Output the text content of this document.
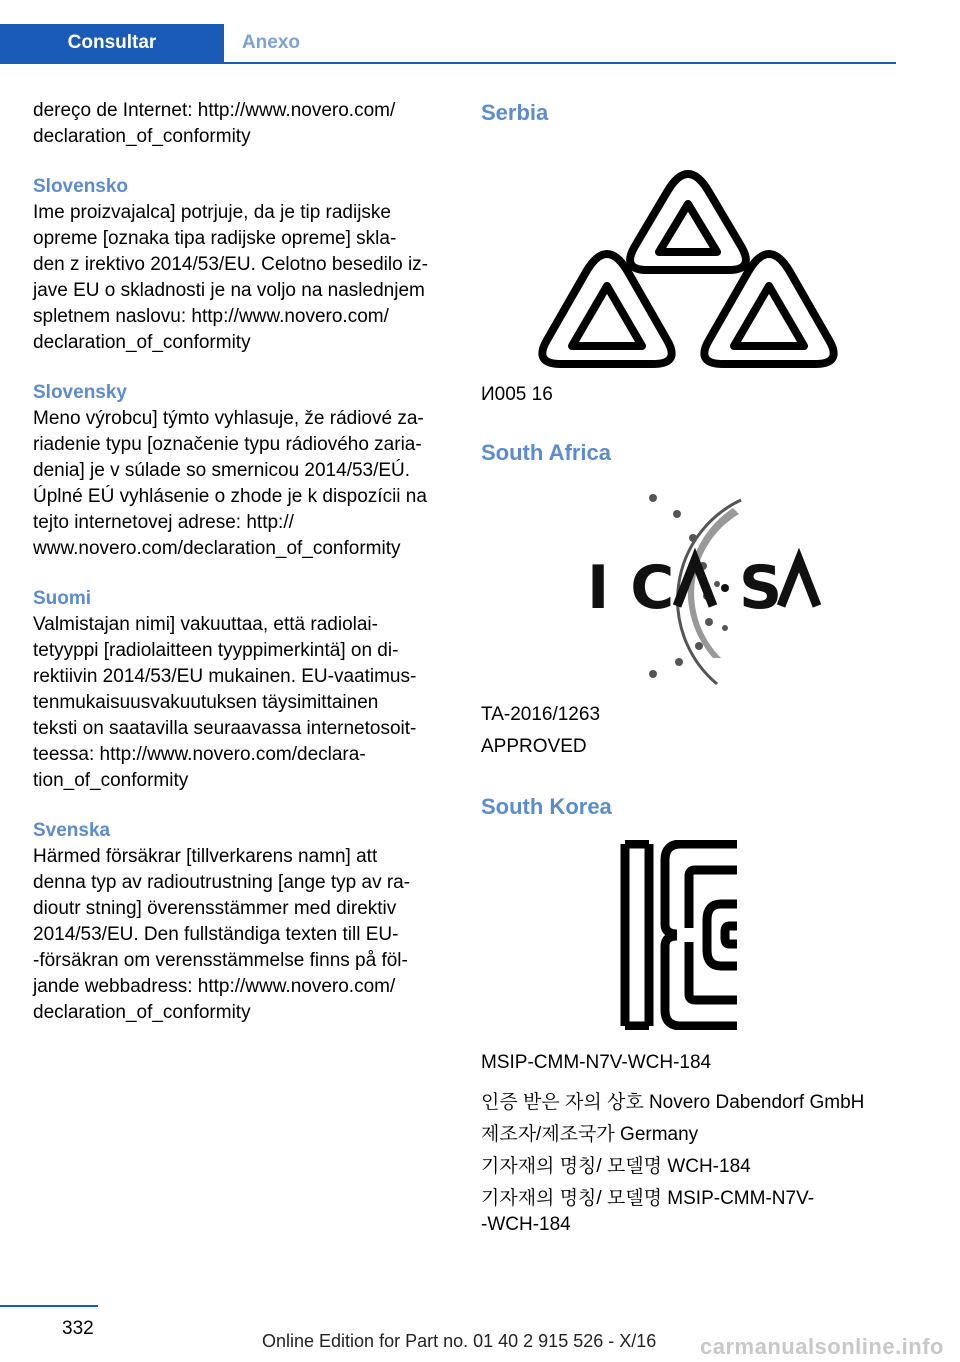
Consultar	Anexo

dereço de Internet: http://www.novero.com/
declaration_of_conformity

Slovensko

Ime proizvajalca] potrjuje, da je tip radijske
opreme [oznaka tipa radijske opreme] skla-
den z irektivo 2014/53/EU. Celotno besedilo iz-
jave EU o skladnosti je na voljo na naslednjem
spletnem naslovu: http://www.novero.com/
declaration_of_conformity

Slovensky

Meno výrobcu] týmto vyhlasuje, že rádiové za-
riadenie typu [označenie typu rádiového zaria-
denia] je v súlade so smernicou 2014/53/EÚ.
Úplné EÚ vyhlásenie o zhode je k dispozícii na
tejto internetovej adrese: http://
www.novero.com/declaration_of_conformity

Suomi

Valmistajan nimi] vakuuttaa, että radiolai-
tetyyppi [radiolaitteen tyyppimerkintä] on di-
rektiivin 2014/53/EU mukainen. EU-vaatimus-
tenmukaisuusvakuutuksen täysimittainen
teksti on saatavilla seuraavassa internetosoit-
teessa: http://www.novero.com/declara-
tion_of_conformity

Svenska

Härmed försäkrar [tillverkarens namn] att
denna typ av radioutrustning [ange typ av ra-
dioutr stning] överensstämmer med direktiv
2014/53/EU. Den fullständiga texten till EU-
-försäkran om verensstämmelse finns på föl-
jande webbadress: http://www.novero.com/
declaration_of_conformity

Serbia

И005 16

South Africa
I C S

TA-2016/1263

APPROVED

South Korea

MSIP-CMM-N7V-WCH-184

인증 받은 자의 상호 Novero Dabendorf GmbH

제조자/제조국가 Germany

기자재의 명칭/ 모델명 WCH-184

기자재의 명칭/ 모델명 MSIP-CMM-N7V-
-WCH-184

332
Online Edition for Part no. 01 40 2 915 526 - X/16 carmanualsonline.info
